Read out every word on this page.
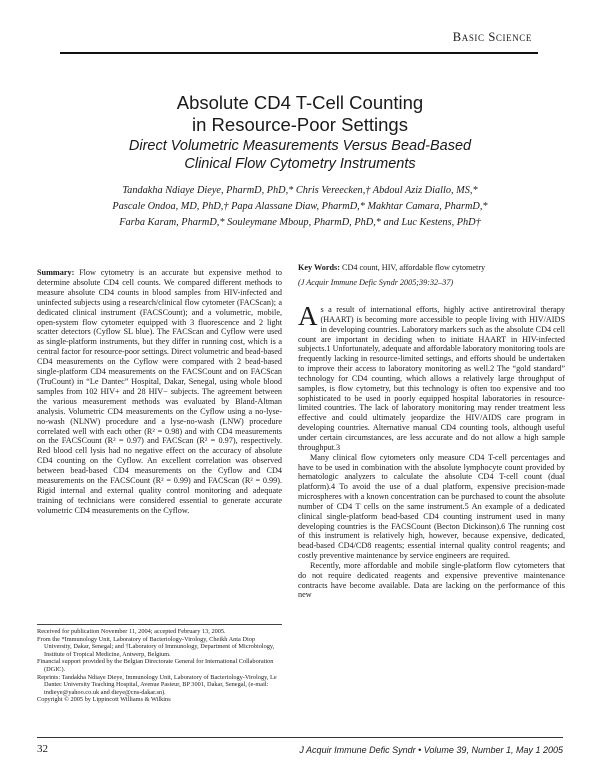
Basic Science
Absolute CD4 T-Cell Counting
in Resource-Poor Settings
Direct Volumetric Measurements Versus Bead-Based
Clinical Flow Cytometry Instruments
Tandakha Ndiaye Dieye, PharmD, PhD,* Chris Vereecken,† Abdoul Aziz Diallo, MS,*
Pascale Ondoa, MD, PhD,† Papa Alassane Diaw, PharmD,* Makhtar Camara, PharmD,*
Farba Karam, PharmD,* Souleymane Mboup, PharmD, PhD,* and Luc Kestens, PhD†
Summary: Flow cytometry is an accurate but expensive method to determine absolute CD4 cell counts. We compared different methods to measure absolute CD4 counts in blood samples from HIV-infected and uninfected subjects using a research/clinical flow cytometer (FACScan); a dedicated clinical instrument (FACSCount); and a volumetric, mobile, open-system flow cytometer equipped with 3 fluorescence and 2 light scatter detectors (Cyflow SL blue). The FACScan and Cyflow were used as single-platform instruments, but they differ in running cost, which is a central factor for resource-poor settings. Direct volumetric and bead-based CD4 measurements on the Cyflow were compared with 2 bead-based single-platform CD4 measurements on the FACSCount and on FACScan (TruCount) in “Le Dantec” Hospital, Dakar, Senegal, using whole blood samples from 102 HIV+ and 28 HIV− subjects. The agreement between the various measurement methods was evaluated by Bland-Altman analysis. Volumetric CD4 measurements on the Cyflow using a no-lyse-no-wash (NLNW) procedure and a lyse-no-wash (LNW) procedure correlated well with each other (R² = 0.98) and with CD4 measurements on the FACSCount (R² = 0.97) and FACScan (R² = 0.97), respectively. Red blood cell lysis had no negative effect on the accuracy of absolute CD4 counting on the Cyflow. An excellent correlation was observed between bead-based CD4 measurements on the Cyflow and CD4 measurements on the FACSCount (R² = 0.99) and FACScan (R² = 0.99). Rigid internal and external quality control monitoring and adequate training of technicians were considered essential to generate accurate volumetric CD4 measurements on the Cyflow.
Key Words: CD4 count, HIV, affordable flow cytometry
(J Acquir Immune Defic Syndr 2005;39:32–37)

Received for publication November 11, 2004; accepted February 13, 2005.

From the *Immunology Unit, Laboratory of Bacteriology-Virology, Cheikh Anta Diop University, Dakar, Senegal; and †Laboratory of Immunology, Department of Microbiology, Institute of Tropical Medicine, Antwerp, Belgium.

Financial support provided by the Belgian Directorate General for International Collaboration (DGIC).

Reprints: Tandakha Ndiaye Dieye, Immunology Unit, Laboratory of Bacteriology-Virology, Le Dantec University Teaching Hospital, Avenue Pasteur, BP 3001, Dakar, Senegal, (e-mail: tndieye@yahoo.co.uk and dieye@cns-dakar.sn).

Copyright © 2005 by Lippincott Williams & Wilkins

As a result of international efforts, highly active antiretroviral therapy (HAART) is becoming more accessible to people living with HIV/AIDS in developing countries. Laboratory markers such as the absolute CD4 cell count are important in deciding when to initiate HAART in HIV-infected subjects.1 Unfortunately, adequate and affordable laboratory monitoring tools are frequently lacking in resource-limited settings, and efforts should be undertaken to improve their access to laboratory monitoring as well.2 The “gold standard” technology for CD4 counting, which allows a relatively large throughput of samples, is flow cytometry, but this technology is often too expensive and too sophisticated to be used in poorly equipped hospital laboratories in resource-limited countries. The lack of laboratory monitoring may render treatment less effective and could ultimately jeopardize the HIV/AIDS care program in developing countries. Alternative manual CD4 counting tools, although useful under certain circumstances, are less accurate and do not allow a high sample throughput.3

Many clinical flow cytometers only measure CD4 T-cell percentages and have to be used in combination with the absolute lymphocyte count provided by hematologic analyzers to calculate the absolute CD4 T-cell count (dual platform).4 To avoid the use of a dual platform, expensive precision-made microspheres with a known concentration can be purchased to count the absolute number of CD4 T cells on the same instrument.5 An example of a dedicated clinical single-platform bead-based CD4 counting instrument used in many developing countries is the FACSCount (Becton Dickinson).6 The running cost of this instrument is relatively high, however, because expensive, dedicated, bead-based CD4/CD8 reagents; essential internal quality control reagents; and costly preventive maintenance by service engineers are required.

Recently, more affordable and mobile single-platform flow cytometers that do not require dedicated reagents and expensive preventive maintenance contracts have become available. Data are lacking on the performance of this new

32	J Acquir Immune Defic Syndr • Volume 39, Number 1, May 1 2005
